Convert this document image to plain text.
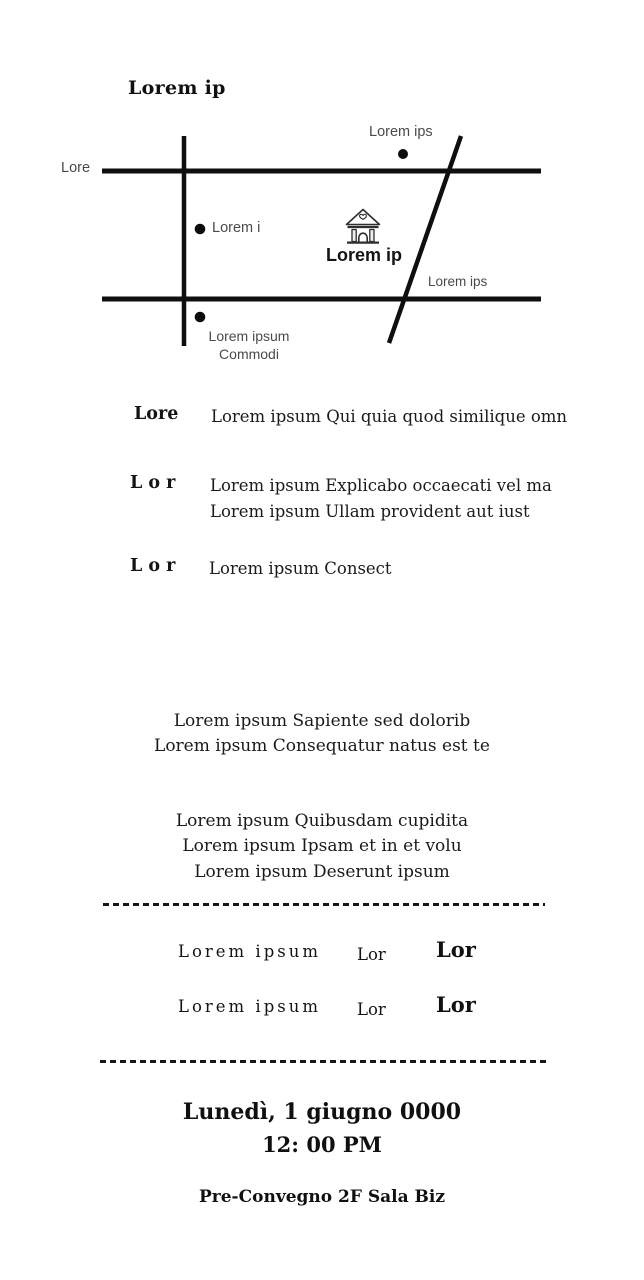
Lorem ip
Lore
Lorem ips
Lorem i
Lorem ip
Lorem ips
Lorem ipsum
Commodi
Lore Lorem ipsum Qui quia quod similique omn
L o r Lorem ipsum Explicabo occaecati vel ma
Lorem ipsum Ullam provident aut iust
L o r Lorem ipsum Consect
Lorem ipsum Sapiente sed dolorib
Lorem ipsum Consequatur natus est te
Lorem ipsum Quibusdam cupidita
Lorem ipsum Ipsam et in et volu
Lorem ipsum Deserunt ipsum
Lorem ipsum Lor Lor
Lorem ipsum Lor Lor
Lunedì, 1 giugno 0000
12: 00 PM
Pre-Convegno 2F Sala Biz
